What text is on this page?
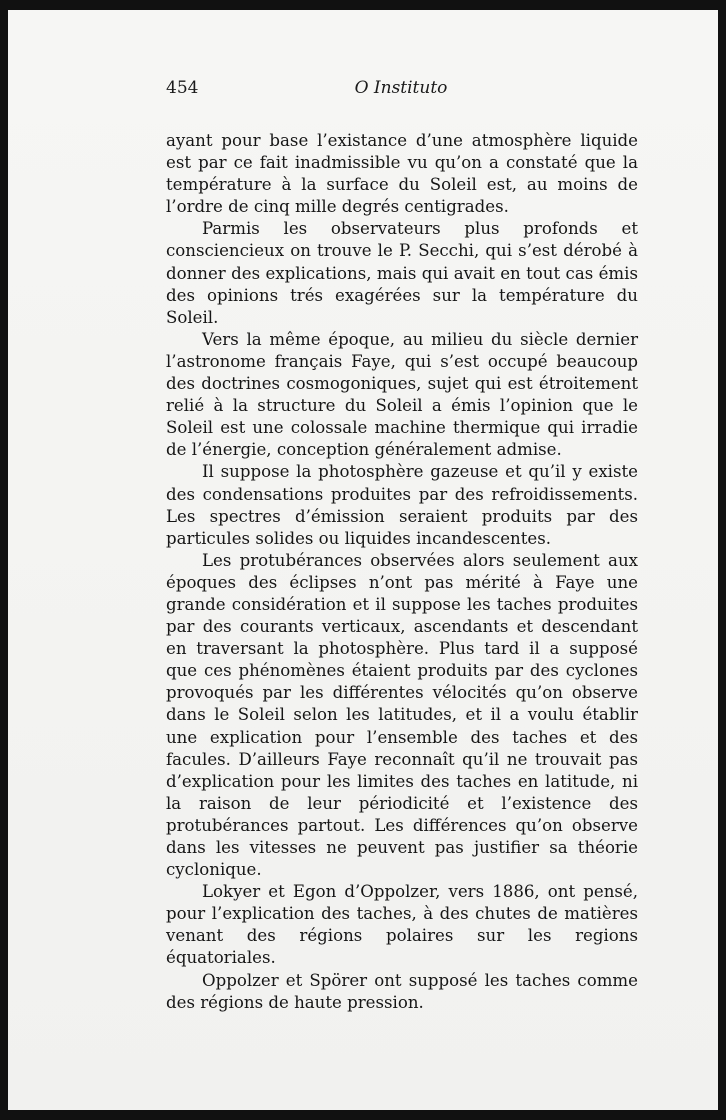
454	O Instituto

ayant pour base l’existance d’une atmosphère liquide est par ce fait inadmissible vu qu’on a constaté que la température à la surface du Soleil est, au moins de l’ordre de cinq mille degrés centigrades.

Parmis les observateurs plus profonds et consciencieux on trouve le P. Secchi, qui s’est dérobé à donner des explications, mais qui avait en tout cas émis des opinions trés exagérées sur la température du Soleil.

Vers la même époque, au milieu du siècle dernier l’astronome français Faye, qui s’est occupé beaucoup des doctrines cosmogoniques, sujet qui est étroitement relié à la structure du Soleil a émis l’opinion que le Soleil est une colossale machine thermique qui irradie de l’énergie, conception généralement admise.

Il suppose la photosphère gazeuse et qu’il y existe des condensations produites par des refroidissements. Les spectres d’émission seraient produits par des particules solides ou liquides incandescentes.

Les protubérances observées alors seulement aux époques des éclipses n’ont pas mérité à Faye une grande considération et il suppose les taches produites par des courants verticaux, ascendants et descendant en traversant la photosphère. Plus tard il a supposé que ces phénomènes étaient produits par des cyclones provoqués par les différentes vélocités qu’on observe dans le Soleil selon les latitudes, et il a voulu établir une explication pour l’ensemble des taches et des facules. D’ailleurs Faye reconnaît qu’il ne trouvait pas d’explication pour les limites des taches en latitude, ni la raison de leur périodicité et l’existence des protubérances partout. Les différences qu’on observe dans les vitesses ne peuvent pas justifier sa théorie cyclonique.

Lokyer et Egon d’Oppolzer, vers 1886, ont pensé, pour l’explication des taches, à des chutes de matières venant des régions polaires sur les regions équatoriales.

Oppolzer et Spörer ont supposé les taches comme des régions de haute pression.
